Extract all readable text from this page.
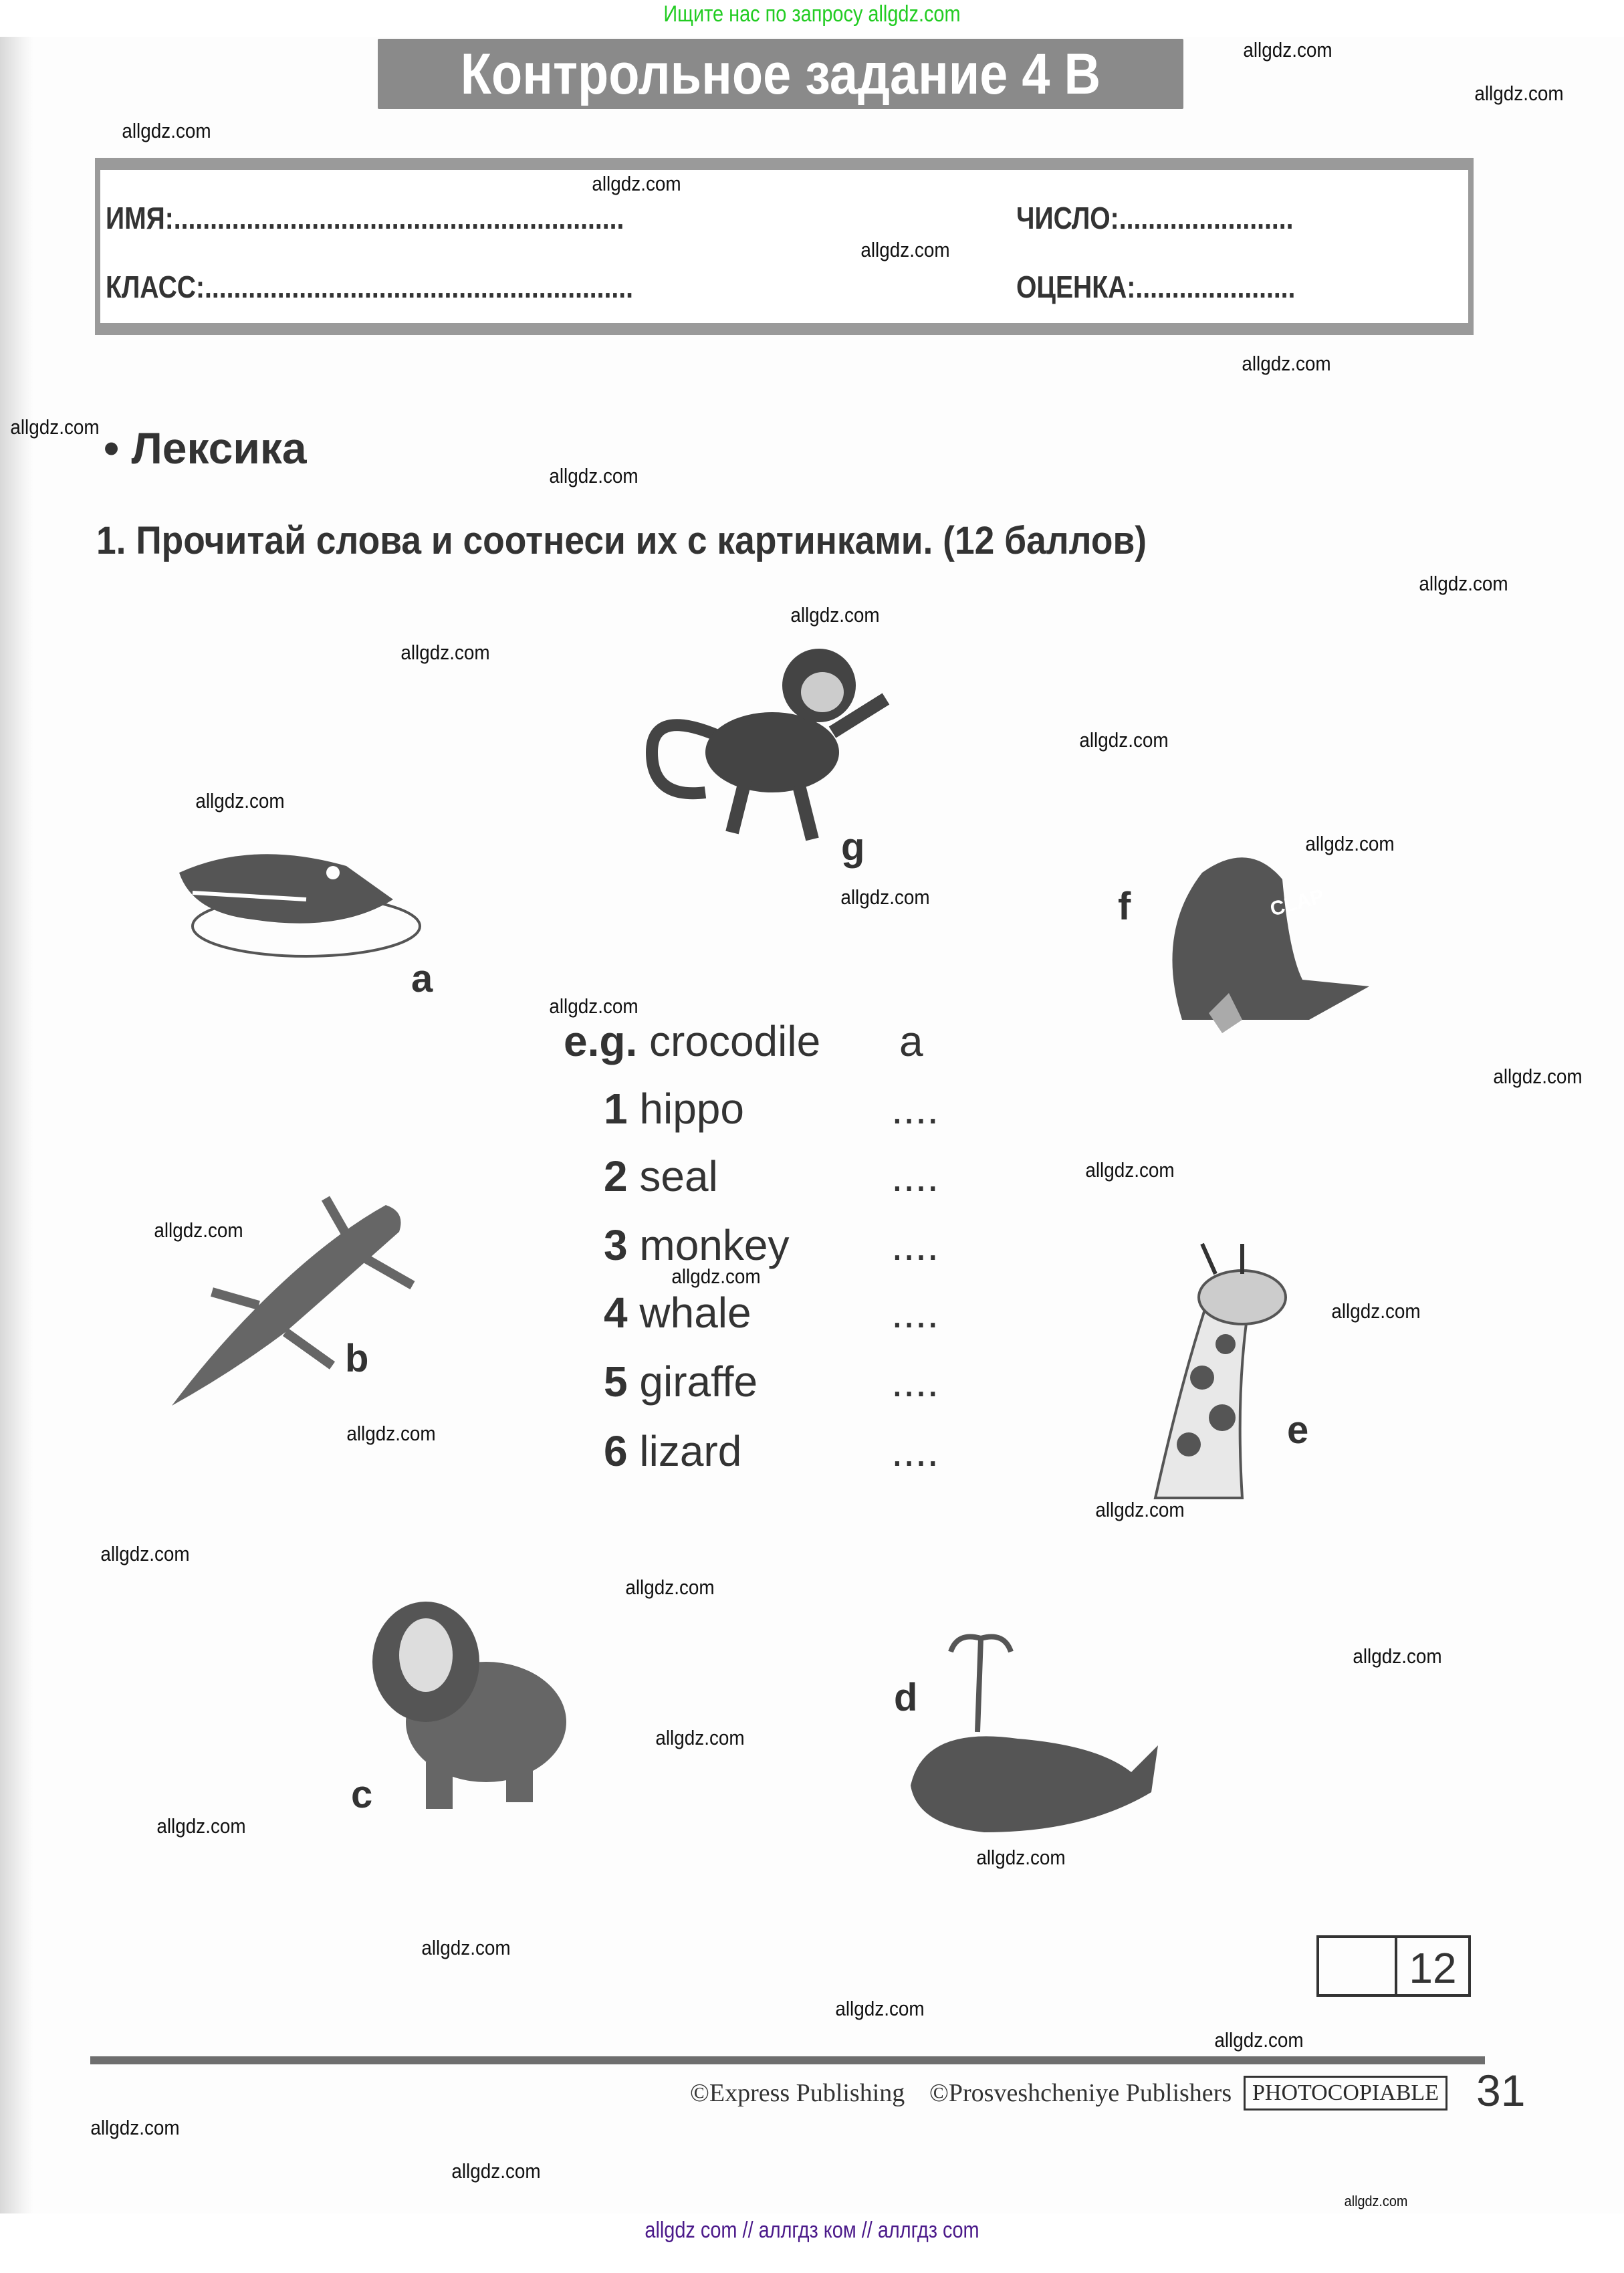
Ищите нас по запросу allgdz.com
Контрольное задание 4 B
ИМЯ:..............................................................	ЧИСЛО:........................
КЛАСС:...........................................................	ОЦЕНКА:......................
• Лексика
1. Прочитай слова и соотнеси их с картинками. (12 баллов)
e.g. crocodile a
1 hippo	....
2 seal	....
3 monkey ....
4 whale	....
5 giraffe	....
6 lizard	....
a
b
c
d
e
CLAP
f
g
12
©Express Publishing ©Prosveshcheniye Publishers PHOTOCOPIABLE 31
allgdz com // аллгдз ком // аллгдз com
allgdz.com
allgdz.com
allgdz.com
allgdz.com
allgdz.com
allgdz.com
allgdz.com
allgdz.com
allgdz.com
allgdz.com
allgdz.com
allgdz.com
allgdz.com
allgdz.com
allgdz.com
allgdz.com
allgdz.com
allgdz.com
allgdz.com
allgdz.com
allgdz.com
allgdz.com
allgdz.com
allgdz.com
allgdz.com
allgdz.com
allgdz.com
allgdz.com
allgdz.com
allgdz.com
allgdz.com
allgdz.com
allgdz.com
allgdz.com
allgdz.com
